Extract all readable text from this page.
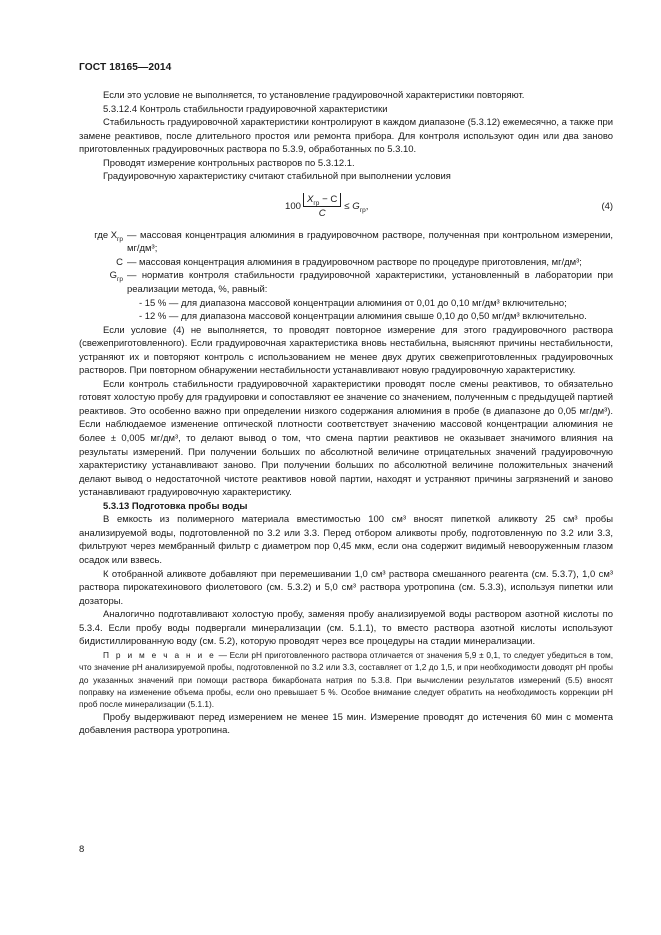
ГОСТ 18165—2014

Если это условие не выполняется, то установление градуировочной характеристики повторяют.

5.3.12.4 Контроль стабильности градуировочной характеристики

Стабильность градуировочной характеристики контролируют в каждом диапазоне (5.3.12) ежемесячно, а также при замене реактивов, после длительного простоя или ремонта прибора. Для контроля используют один или два заново приготовленных градуировочных раствора по 5.3.9, обработанных по 5.3.10.

Проводят измерение контрольных растворов по 5.3.12.1.

Градуировочную характеристику считают стабильной при выполнении условия

$100 \frac{X_{гр} - C}{C} \le G_{гр}$,	(4)
где $X_{гр}$ — массовая концентрация алюминия в градуировочном растворе, полученная при контрольном измерении, мг/дм³;
C — массовая концентрация алюминия в градуировочном растворе по процедуре приготовления, мг/дм³;
$G_{гр}$ — норматив контроля стабильности градуировочной характеристики, установленный в лаборатории при реализации метода, %, равный:

- 15 % — для диапазона массовой концентрации алюминия от 0,01 до 0,10 мг/дм³ включительно;

- 12 % — для диапазона массовой концентрации алюминия свыше 0,10 до 0,50 мг/дм³ включительно.

Если условие (4) не выполняется, то проводят повторное измерение для этого градуировочного раствора (свежеприготовленного). Если градуировочная характеристика вновь нестабильна, выясняют причины нестабильности, устраняют их и повторяют контроль с использованием не менее двух других свежеприготовленных градуировочных растворов. При повторном обнаружении нестабильности устанавливают новую градуировочную характеристику.

Если контроль стабильности градуировочной характеристики проводят после смены реактивов, то обязательно готовят холостую пробу для градуировки и сопоставляют ее значение со значением, полученным с предыдущей партией реактивов. Это особенно важно при определении низкого содержания алюминия в пробе (в диапазоне до 0,05 мг/дм³). Если наблюдаемое изменение оптической плотности соответствует значению массовой концентрации алюминия не более ± 0,005 мг/дм³, то делают вывод о том, что смена партии реактивов не оказывает значимого влияния на результаты измерений. При получении больших по абсолютной величине отрицательных значений градуировочную характеристику устанавливают заново. При получении больших по абсолютной величине положительных значений делают вывод о недостаточной чистоте реактивов новой партии, находят и устраняют причины загрязнений и заново устанавливают градуировочную характеристику.

5.3.13 Подготовка пробы воды

В емкость из полимерного материала вместимостью 100 см³ вносят пипеткой аликвоту 25 см³ пробы анализируемой воды, подготовленной по 3.2 или 3.3. Перед отбором аликвоты пробу, подготовленную по 3.2 или 3.3, фильтруют через мембранный фильтр с диаметром пор 0,45 мкм, если она содержит видимый невооруженным глазом осадок или взвесь.

К отобранной аликвоте добавляют при перемешивании 1,0 см³ раствора смешанного реагента (см. 5.3.7), 1,0 см³ раствора пирокатехинового фиолетового (см. 5.3.2) и 5,0 см³ раствора уротропина (см. 5.3.3), используя пипетки или дозаторы.

Аналогично подготавливают холостую пробу, заменяя пробу анализируемой воды раствором азотной кислоты по 5.3.4. Если пробу воды подвергали минерализации (см. 5.1.1), то вместо раствора азотной кислоты используют бидистиллированную воду (см. 5.2), которую проводят через все процедуры на стадии минерализации.

П р и м е ч а н и е — Если pH приготовленного раствора отличается от значения 5,9 ± 0,1, то следует убедиться в том, что значение pH анализируемой пробы, подготовленной по 3.2 или 3.3, составляет от 1,2 до 1,5, и при необходимости доводят pH пробы до указанных значений при помощи раствора бикарбоната натрия по 5.3.8. При вычислении результатов измерений (5.5) вносят поправку на изменение объема пробы, если оно превышает 5 %. Особое внимание следует обратить на необходимость коррекции pH проб после минерализации (5.1.1).

Пробу выдерживают перед измерением не менее 15 мин. Измерение проводят до истечения 60 мин с момента добавления раствора уротропина.

8
